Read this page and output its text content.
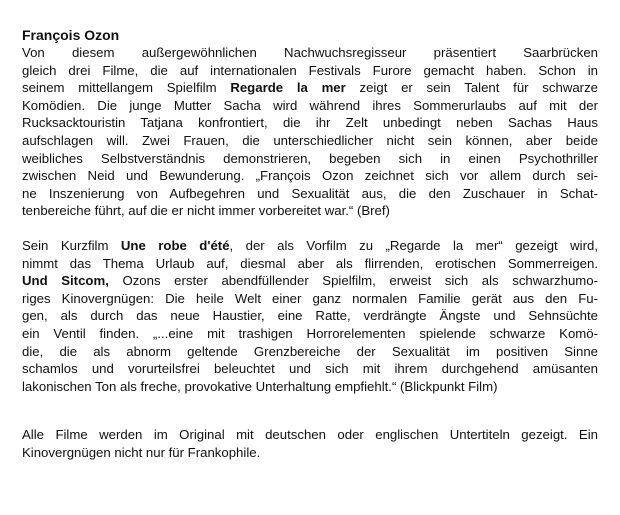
François Ozon
Von diesem außergewöhnlichen Nachwuchsregisseur präsentiert Saarbrücken
gleich drei Filme, die auf internationalen Festivals Furore gemacht haben. Schon in
seinem mittellangem Spielfilm Regarde la mer zeigt er sein Talent für schwarze
Komödien. Die junge Mutter Sacha wird während ihres Sommerurlaubs auf mit der
Rucksacktouristin Tatjana konfrontiert, die ihr Zelt unbedingt neben Sachas Haus
aufschlagen will. Zwei Frauen, die unterschiedlicher nicht sein können, aber beide
weibliches Selbstverständnis demonstrieren, begeben sich in einen Psychothriller
zwischen Neid und Bewunderung. „François Ozon zeichnet sich vor allem durch sei-
ne Inszenierung von Aufbegehren und Sexualität aus, die den Zuschauer in Schat-
tenbereiche führt, auf die er nicht immer vorbereitet war.“ (Bref)
Sein Kurzfilm Une robe d'été, der als Vorfilm zu „Regarde la mer“ gezeigt wird,
nimmt das Thema Urlaub auf, diesmal aber als flirrenden, erotischen Sommerreigen.
Und Sitcom, Ozons erster abendfüllender Spielfilm, erweist sich als schwarzhumo-
riges Kinovergnügen: Die heile Welt einer ganz normalen Familie gerät aus den Fu-
gen, als durch das neue Haustier, eine Ratte, verdrängte Ängste und Sehnsüchte
ein Ventil finden. „...eine mit trashigen Horrorelementen spielende schwarze Komö-
die, die als abnorm geltende Grenzbereiche der Sexualität im positiven Sinne
schamlos und vorurteilsfrei beleuchtet und sich mit ihrem durchgehend amüsanten
lakonischen Ton als freche, provokative Unterhaltung empfiehlt.“ (Blickpunkt Film)
Alle Filme werden im Original mit deutschen oder englischen Untertiteln gezeigt. Ein
Kinovergnügen nicht nur für Frankophile.
